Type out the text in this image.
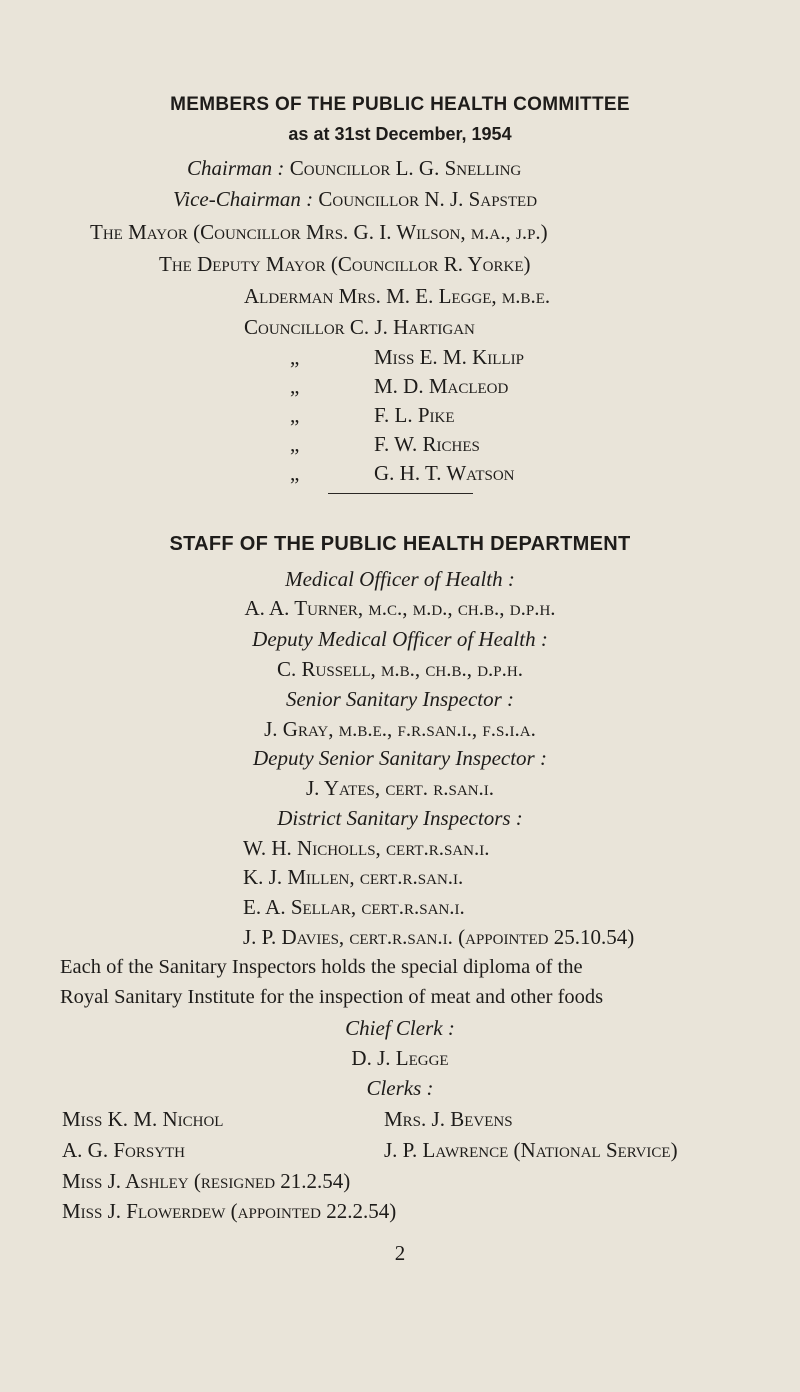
MEMBERS OF THE PUBLIC HEALTH COMMITTEE
as at 31st December, 1954
Chairman : Councillor L. G. Snelling
Vice-Chairman : Councillor N. J. Sapsted
The Mayor (Councillor Mrs. G. I. Wilson, m.a., j.p.)
The Deputy Mayor (Councillor R. Yorke)
Alderman Mrs. M. E. Legge, m.b.e.
Councillor C. J. Hartigan
„	Miss E. M. Killip
„	M. D. Macleod
„	F. L. Pike
„	F. W. Riches
„	G. H. T. Watson
STAFF OF THE PUBLIC HEALTH DEPARTMENT
Medical Officer of Health :
A. A. Turner, m.c., m.d., ch.b., d.p.h.
Deputy Medical Officer of Health :
C. Russell, m.b., ch.b., d.p.h.
Senior Sanitary Inspector :
J. Gray, m.b.e., f.r.san.i., f.s.i.a.
Deputy Senior Sanitary Inspector :
J. Yates, cert. r.san.i.
District Sanitary Inspectors :
W. H. Nicholls, cert.r.san.i.
K. J. Millen, cert.r.san.i.
E. A. Sellar, cert.r.san.i.
J. P. Davies, cert.r.san.i. (appointed 25.10.54)
Each of the Sanitary Inspectors holds the special diploma of the
Royal Sanitary Institute for the inspection of meat and other foods
Chief Clerk :
D. J. Legge
Clerks :
Miss K. M. Nichol	Mrs. J. Bevens
A. G. Forsyth	J. P. Lawrence (National Service)
Miss J. Ashley (resigned 21.2.54)
Miss J. Flowerdew (appointed 22.2.54)
2
